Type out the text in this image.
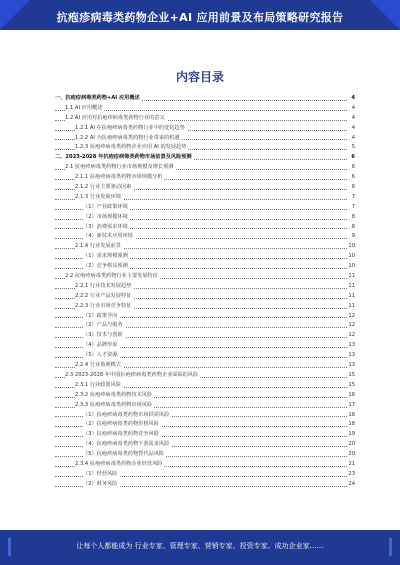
抗疱疹病毒类药物企业+AI 应用前景及布局策略研究报告
内容目录
一、抗疱疹病毒类药物+AI 应用概述	4
1.1 AI 应用概述	4
1.2 AI 应用对抗疱疹病毒类药物行业的意义	4
1.2.1 AI 在抗疱疹病毒类药物行业中的变化趋势	4
1.2.2 AI 为抗疱疹病毒类药物行业带来的机遇	4
1.2.3 抗疱疹病毒类药物企业应用 AI 的发展趋势	5
二、2023-2028 年抗疱疹病毒类药物市场前景及风险预测	6
2.1 抗疱疹病毒类药物行业市场规模及增长预测	6
2.1.1 抗疱疹病毒类药物市场规模分析	6
2.1.2 行业主要驱动因素	6
2.1.3 行业发展环境	7
（1）产业政策环境	7
（2）市场规模环境	8
（3）消费需求环境	8
（4）新技术应用环境	9
2.1.4 行业发展前景	10
（1）需求规模预测	10
（2）竞争格局预测	10
2.2 抗疱疹病毒类药物行业主要发展特征	11
2.2.1 行业技术发展趋势	11
2.2.2 行业产品发展特征	11
2.2.3 行业市场竞争特征	11
（1）政策导向	12
（2）产品与服务	12
（3）技术与创新	12
（4）品牌形象	13
（5）人才资源	13
2.2.4 行业盈利模式	13
2.3 2023-2028 年中国抗疱疹病毒类药物企业面临的风险	15
2.3.1 行业政策风险	15
2.3.2 抗疱疹病毒类药物技术风险	16
2.3.3 抗疱疹病毒类药物市场风险	17
（1）抗疱疹病毒类药物市场供需风险	18
（2）抗疱疹病毒类药物价格风险	18
（3）抗疱疹病毒类药物竞争风险	19
（4）抗疱疹病毒类药物下游需求风险	20
（5）抗疱疹病毒类药物替代品风险	20
2.3.4 抗疱疹病毒类药物企业经营风险	21
（1）经营风险	23
（2）财务风险	24
让每个人都能成为 行业专家、管理专家、营销专家、投资专家、成功企业家……
